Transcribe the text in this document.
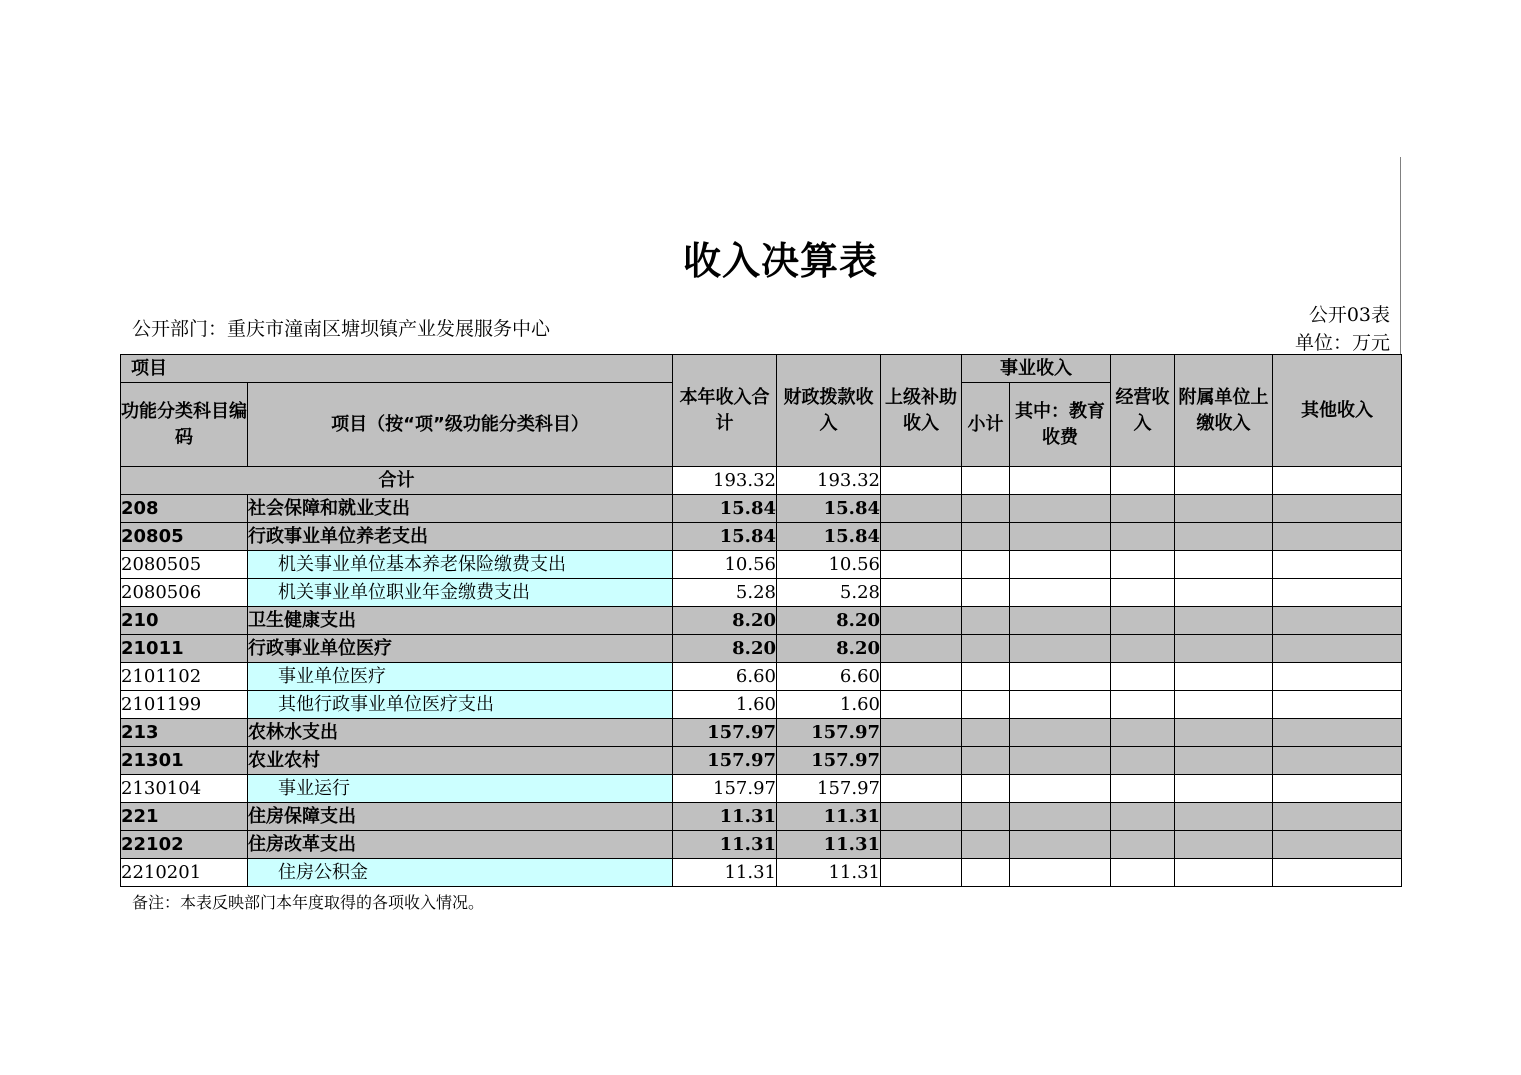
收入决算表
公开部门：重庆市潼南区塘坝镇产业发展服务中心
公开03表
单位：万元
项目		本年收入合计	财政拨款收入	上级补助收入	事业收入		经营收入	附属单位上缴收入	其他收入
功能分类科目编码	项目（按“项”级功能分类科目）				小计	其中：教育收费			
合计		193.32	193.32						
208	社会保障和就业支出	15.84	15.84						
20805	行政事业单位养老支出	15.84	15.84						
2080505	机关事业单位基本养老保险缴费支出	10.56	10.56						
2080506	机关事业单位职业年金缴费支出	5.28	5.28						
210	卫生健康支出	8.20	8.20						
21011	行政事业单位医疗	8.20	8.20						
2101102	事业单位医疗	6.60	6.60						
2101199	其他行政事业单位医疗支出	1.60	1.60						
213	农林水支出	157.97	157.97						
21301	农业农村	157.97	157.97						
2130104	事业运行	157.97	157.97						
221	住房保障支出	11.31	11.31						
22102	住房改革支出	11.31	11.31						
2210201	住房公积金	11.31	11.31						
备注：本表反映部门本年度取得的各项收入情况。
